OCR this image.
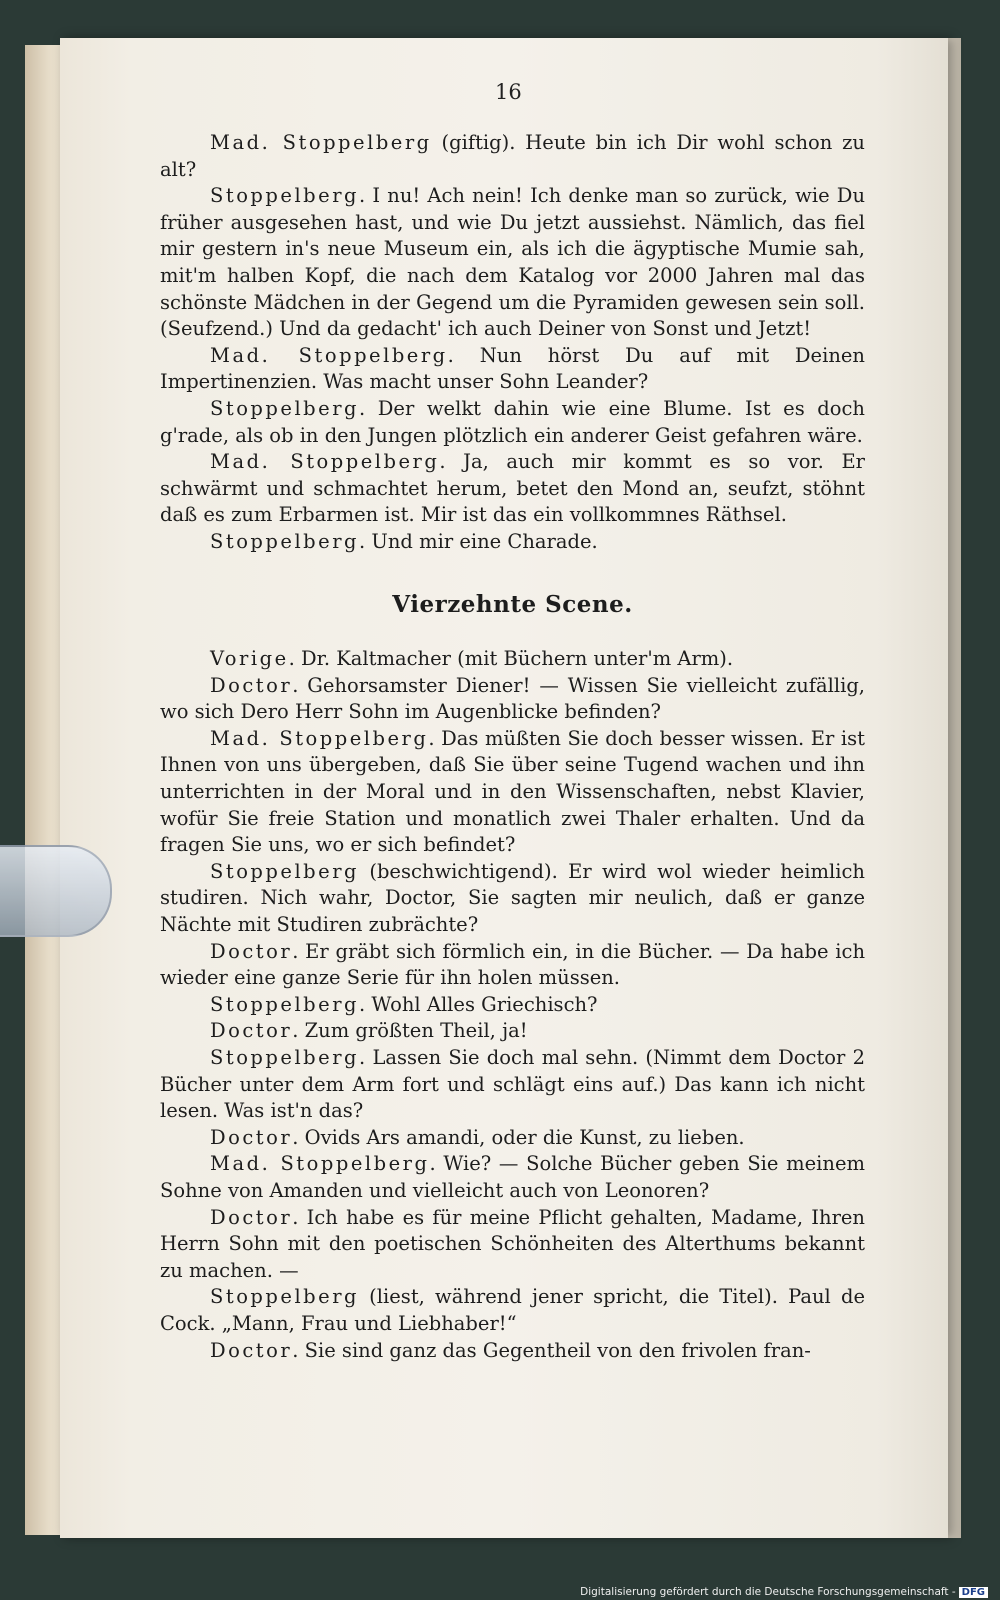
16

Mad. Stoppelberg (giftig). Heute bin ich Dir wohl schon zu alt?

Stoppelberg. I nu! Ach nein! Ich denke man so zurück, wie Du früher ausgesehen hast, und wie Du jetzt aussiehst. Nämlich, das fiel mir gestern in's neue Museum ein, als ich die ägyptische Mumie sah, mit'm halben Kopf, die nach dem Katalog vor 2000 Jahren mal das schönste Mädchen in der Gegend um die Pyramiden gewesen sein soll. (Seufzend.) Und da gedacht' ich auch Deiner von Sonst und Jetzt!

Mad. Stoppelberg. Nun hörst Du auf mit Deinen Impertinenzien. Was macht unser Sohn Leander?

Stoppelberg. Der welkt dahin wie eine Blume. Ist es doch g'rade, als ob in den Jungen plötzlich ein anderer Geist gefahren wäre.

Mad. Stoppelberg. Ja, auch mir kommt es so vor. Er schwärmt und schmachtet herum, betet den Mond an, seufzt, stöhnt daß es zum Erbarmen ist. Mir ist das ein vollkommnes Räthsel.

Stoppelberg. Und mir eine Charade.

Vierzehnte Scene.

Vorige. Dr. Kaltmacher (mit Büchern unter'm Arm).

Doctor. Gehorsamster Diener! — Wissen Sie vielleicht zufällig, wo sich Dero Herr Sohn im Augenblicke befinden?

Mad. Stoppelberg. Das müßten Sie doch besser wissen. Er ist Ihnen von uns übergeben, daß Sie über seine Tugend wachen und ihn unterrichten in der Moral und in den Wissenschaften, nebst Klavier, wofür Sie freie Station und monatlich zwei Thaler erhalten. Und da fragen Sie uns, wo er sich befindet?

Stoppelberg (beschwichtigend). Er wird wol wieder heimlich studiren. Nich wahr, Doctor, Sie sagten mir neulich, daß er ganze Nächte mit Studiren zubrächte?

Doctor. Er gräbt sich förmlich ein, in die Bücher. — Da habe ich wieder eine ganze Serie für ihn holen müssen.

Stoppelberg. Wohl Alles Griechisch?

Doctor. Zum größten Theil, ja!

Stoppelberg. Lassen Sie doch mal sehn. (Nimmt dem Doctor 2 Bücher unter dem Arm fort und schlägt eins auf.) Das kann ich nicht lesen. Was ist'n das?

Doctor. Ovids Ars amandi, oder die Kunst, zu lieben.

Mad. Stoppelberg. Wie? — Solche Bücher geben Sie meinem Sohne von Amanden und vielleicht auch von Leonoren?

Doctor. Ich habe es für meine Pflicht gehalten, Madame, Ihren Herrn Sohn mit den poetischen Schönheiten des Alterthums bekannt zu machen. —

Stoppelberg (liest, während jener spricht, die Titel). Paul de Cock. „Mann, Frau und Liebhaber!“

Doctor. Sie sind ganz das Gegentheil von den frivolen fran-

Digitalisierung gefördert durch die Deutsche Forschungsgemeinschaft - DFG
